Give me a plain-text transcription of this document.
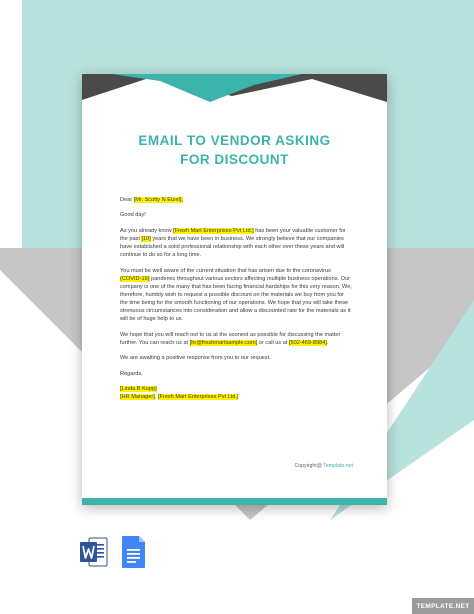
EMAIL TO VENDOR ASKING
FOR DISCOUNT

Dear [Mr. Scotty N Etzel],

Good day!

As you already know [Fresh Mart Enterprises Pvt Ltd.] has been your valuable customer for the past [10] years that we have been in business. We strongly believe that our companies have established a solid professional relationship with each other over these years and will continue to do so for a long time.

You must be well aware of the current situation that has arisen due to the coronavirus (COVID-19) pandemic throughout various sectors affecting multiple business operations. Our company is one of the many that has been facing financial hardships for this very reason. We, therefore, humbly wish to request a possible discount on the materials we buy from you for the time being for the smooth functioning of our operations. We hope that you will take these strenuous circumstances into consideration and allow a discounted rate for the materials as it will be of huge help to us.

We hope that you will reach out to us at the soonest as possible for discussing the matter further. You can reach us at [hr@freshmartsample.com] or call us at [502-469-8984].

We are awaiting a positive response from you to our request.

Regards,

[Linda B Kopp]
[HR Manager], [Fresh Mart Enterprises Pvt Ltd.]

Copyright@ Template.net
TEMPLATE.NET
